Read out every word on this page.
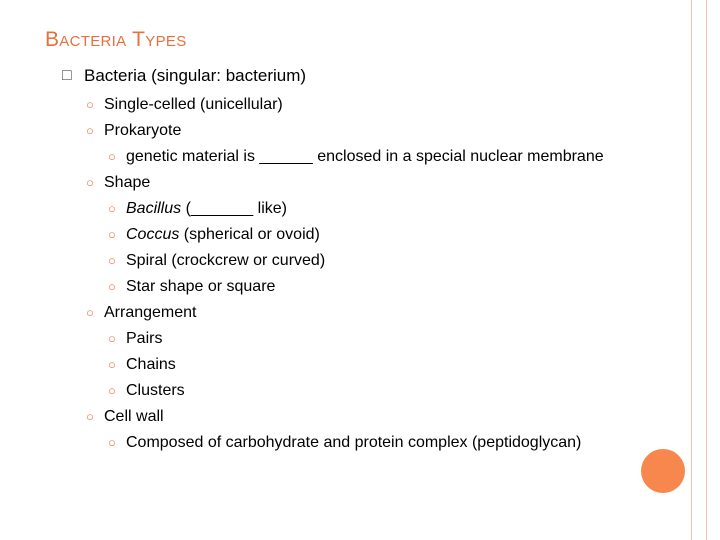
Bacteria Types
□ Bacteria (singular: bacterium)
○ Single-celled (unicellular)
○ Prokaryote
○ genetic material is ______ enclosed in a special nuclear membrane
○ Shape
○ Bacillus (_______ like)
○ Coccus (spherical or ovoid)
○ Spiral (crockcrew or curved)
○ Star shape or square
○ Arrangement
○ Pairs
○ Chains
○ Clusters
○ Cell wall
○ Composed of carbohydrate and protein complex (peptidoglycan)
